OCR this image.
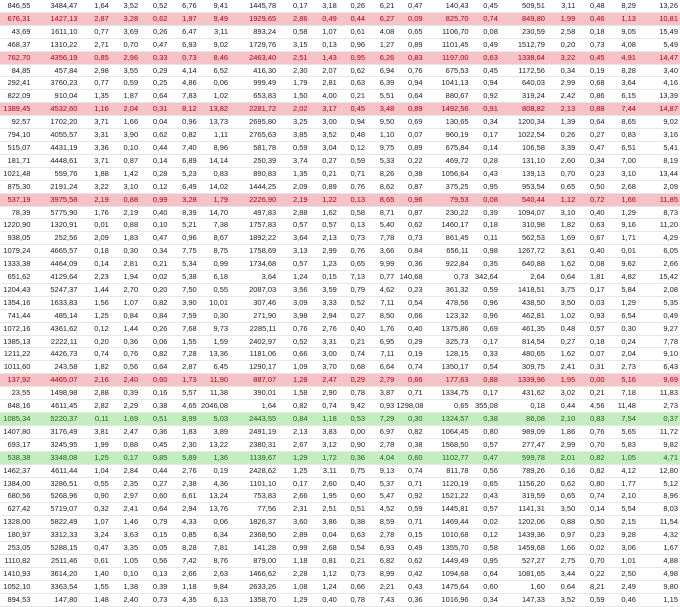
846,55	3484,47	1,64	3,52	0,52	6,76	9,41	1445,78	0,17	3,18	0,26	6,21	0,47	140,43	0,45	509,51	3,11	0,48	8,29	13,26
676,31	1427,13	2,87	3,28	0,62	1,97	9,49	1929,65	2,86	0,49	0,44	6,27	0,09	825,70	0,74	849,80	1,99	0,46	1,13	10,81
43,69	1611,10	0,77	3,69	0,26	6,47	3,11	893,24	0,58	1,07	0,61	4,08	0,65	1106,70	0,08	230,59	2,58	0,18	9,05	15,49
468,37	1310,22	2,71	0,70	0,47	6,93	9,02	1729,76	3,15	0,13	0,96	1,27	0,89	1101,45	0,49	1512,79	0,20	0,73	4,08	5,49
762,70	4356,19	0,85	2,96	0,33	0,73	8,46	2463,40	2,51	1,43	0,95	6,26	0,83	1197,00	0,63	1338,64	3,22	0,45	4,91	14,47
84,85	457,84	2,98	3,55	0,29	4,14	6,52	416,30	2,30	2,07	0,62	6,94	0,76	675,53	0,45	1172,56	0,34	0,19	8,28	3,40
292,41	3760,23	0,77	0,59	0,25	4,86	0,06	999,49	1,79	2,81	0,63	6,39	0,94	1041,13	0,94	640,03	2,99	0,68	3,64	4,16
822,09	910,04	1,35	1,87	0,64	7,83	1,02	653,83	1,50	4,00	0,21	5,51	0,64	880,67	0,92	319,24	2,42	0,86	6,15	13,39
1389,45	4532,60	1,16	2,04	0,31	8,12	13,82	2281,72	2,02	3,17	0,45	3,48	0,89	1492,56	0,91	808,82	2,13	0,88	7,44	14,87
92,57	1702,20	3,71	1,66	0,04	0,96	13,73	2695,80	3,25	3,00	0,94	9,50	0,69	130,65	0,34	1200,34	1,39	0,64	8,65	9,02
794,10	4055,57	3,31	3,90	0,62	0,82	1,11	2765,63	3,85	3,52	0,48	1,10	0,07	960,19	0,17	1022,54	0,26	0,27	0,83	3,16
515,07	4431,19	3,36	0,10	0,44	7,40	8,96	581,78	0,59	3,04	0,12	9,75	0,89	675,84	0,14	106,58	3,39	0,47	6,51	5,41
181,71	4448,61	3,71	0,87	0,14	6,89	14,14	250,39	3,74	0,27	0,59	5,33	0,22	469,72	0,28	131,10	2,60	0,34	7,00	8,19
1021,48	559,76	1,88	1,42	0,28	5,23	0,83	890,83	1,35	0,21	0,71	8,26	0,38	1056,64	0,43	139,13	0,70	0,23	3,10	13,44
875,30	2191,24	3,22	3,10	0,12	6,49	14,02	1444,25	2,09	0,89	0,76	8,62	0,87	375,25	0,95	953,54	0,65	0,50	2,68	2,09
537,19	3975,58	2,19	0,88	0,99	3,28	1,79	2226,90	2,19	1,22	0,13	8,65	0,96	79,53	0,08	540,44	1,12	0,72	1,66	11,85
78,39	5775,90	1,76	2,19	0,40	8,39	14,70	497,83	2,88	1,62	0,58	8,71	0,87	230,22	0,39	1094,07	3,10	0,40	1,29	8,73
1220,90	1320,91	0,01	0,88	0,10	5,21	7,38	1757,83	0,57	0,57	0,13	5,40	0,62	1460,17	0,18	310,98	1,82	0,63	9,16	11,20
938,05	252,56	2,09	1,83	0,47	0,96	8,67	1892,22	3,64	2,13	0,73	7,78	0,73	861,45	0,11	562,53	1,69	0,67	1,71	4,29
1079,24	4665,57	0,18	0,30	0,34	7,75	8,75	1758,69	3,13	2,99	0,76	3,66	0,84	656,11	0,98	1267,72	3,61	0,40	0,01	6,05
1333,38	4464,09	0,14	2,81	0,21	5,34	0,99	1734,68	0,57	1,23	0,65	9,99	0,36	922,84	0,35	640,88	1,62	0,08	9,62	2,66
651,62	4129,64	2,23	1,94	0,02	5,38	6,18	3,64	1,24	0,15	7,13	0,77	140,68	0,73	342,64	2,64	0,64	1,81	4,82	15,42
1204,43	5247,37	1,44	2,70	0,20	7,50	0,55	2087,03	3,56	3,59	0,79	4,62	0,23	361,32	0,59	1418,51	3,75	0,17	5,84	2,08
1354,16	1633,83	1,56	1,07	0,82	3,90	10,01	307,46	3,09	3,33	0,52	7,11	0,54	478,56	0,96	438,50	3,50	0,03	1,29	5,35
741,44	485,14	1,25	0,84	0,84	7,59	0,30	271,90	3,98	2,94	0,27	8,50	0,66	123,32	0,96	462,81	1,02	0,93	6,54	0,49
1072,16	4361,62	0,12	1,44	0,26	7,68	9,73	2285,11	0,76	2,76	0,40	1,76	0,40	1375,86	0,69	461,35	0,48	0,57	0,30	9,27
1385,13	2222,11	0,20	0,36	0,06	1,55	1,59	2402,97	0,52	3,31	0,21	6,95	0,29	325,73	0,17	814,54	0,27	0,18	0,24	7,78
1211,22	4426,73	0,74	0,76	0,82	7,28	13,36	1181,06	0,66	3,00	0,74	7,11	0,19	128,15	0,33	480,65	1,62	0,07	2,04	9,10
1011,60	243,58	1,82	0,56	0,64	2,87	6,45	1290,17	1,09	3,70	0,68	6,64	0,74	1350,17	0,54	309,75	2,41	0,31	2,73	6,43
137,92	4465,07	2,16	2,40	0,60	1,73	11,90	887,07	1,28	2,47	0,29	2,79	0,66	177,63	0,88	1339,96	1,95	0,00	5,16	9,69
23,55	1498,98	2,88	0,39	0,16	5,57	11,38	390,01	1,58	2,90	0,78	3,87	0,71	1334,75	0,17	431,62	3,02	0,21	7,18	11,83
848,16	4611,45	2,82	2,29	0,38	4,65	2046,08	1,64	0,82	0,74	9,42	0,93	1298,08	0,65	355,08	0,18	0,44	4,56	11,48	2,73
1085,34	5220,37	0,11	1,69	0,51	8,99	5,03	2443,55	0,84	1,18	0,53	7,29	0,30	1324,57	0,38	86,08	2,10	0,83	7,54	0,37
1407,80	3176,49	3,81	2,47	0,36	1,83	3,89	2491,19	2,13	3,83	0,00	6,97	0,82	1064,45	0,80	989,09	1,86	0,76	5,65	11,72
693,17	3245,95	1,99	0,88	0,45	2,30	13,22	2380,31	2,67	3,12	0,90	2,78	0,38	1568,50	0,57	277,47	2,99	0,70	5,83	9,82
538,38	3348,08	1,25	0,17	0,85	5,89	1,36	1139,67	1,29	1,72	0,36	4,04	0,60	1102,77	0,47	599,78	2,01	0,82	1,05	4,71
1462,37	4611,44	1,04	2,84	0,44	2,76	0,19	2428,62	1,25	3,11	0,75	9,13	0,74	811,78	0,56	789,26	0,16	0,82	4,12	12,80
1384,00	3286,51	0,55	2,35	0,27	2,38	4,36	1101,10	0,17	2,60	0,40	5,37	0,71	1120,19	0,65	1156,20	0,62	0,80	1,77	5,12
680,56	5268,96	0,90	2,97	0,60	6,61	13,24	753,83	2,66	1,95	0,60	5,47	0,92	1521,22	0,43	319,59	0,65	0,74	2,10	8,96
627,42	5719,07	0,32	2,41	0,64	2,94	13,76	77,56	2,31	2,51	0,51	4,52	0,59	1445,81	0,57	1141,31	3,50	0,14	5,54	8,03
1328,00	5822,49	1,07	1,46	0,79	4,33	0,06	1826,37	3,60	3,86	0,38	8,59	0,71	1469,44	0,02	1202,06	0,88	0,50	2,15	11,54
180,97	3312,33	3,24	3,63	0,15	0,85	6,34	2368,50	2,89	0,04	0,63	2,78	0,15	1010,68	0,12	1439,36	0,97	0,23	9,28	4,32
253,05	5288,15	0,47	3,35	0,05	8,28	7,81	141,28	0,99	2,68	0,54	6,93	0,49	1355,70	0,58	1459,68	1,66	0,02	3,06	1,67
1110,82	2511,46	0,61	1,05	0,56	7,42	8,76	879,00	1,18	0,81	0,21	6,82	0,62	1449,49	0,95	527,27	2,75	0,70	1,01	4,88
1410,93	3614,20	1,40	0,10	0,13	2,66	2,63	1466,62	2,28	1,12	0,73	8,99	0,42	1094,68	0,64	1081,65	3,44	0,22	2,50	4,98
1052,10	3363,54	1,55	1,38	0,39	1,18	9,84	2633,26	1,08	1,24	0,66	2,21	0,43	1475,64	0,60	1,60	0,64	8,21	2,49	9,80
894,53	147,80	1,48	2,40	0,73	4,35	6,13	1358,70	1,29	0,40	0,78	7,43	0,36	1016,96	0,34	147,33	3,52	0,59	0,46	1,15
